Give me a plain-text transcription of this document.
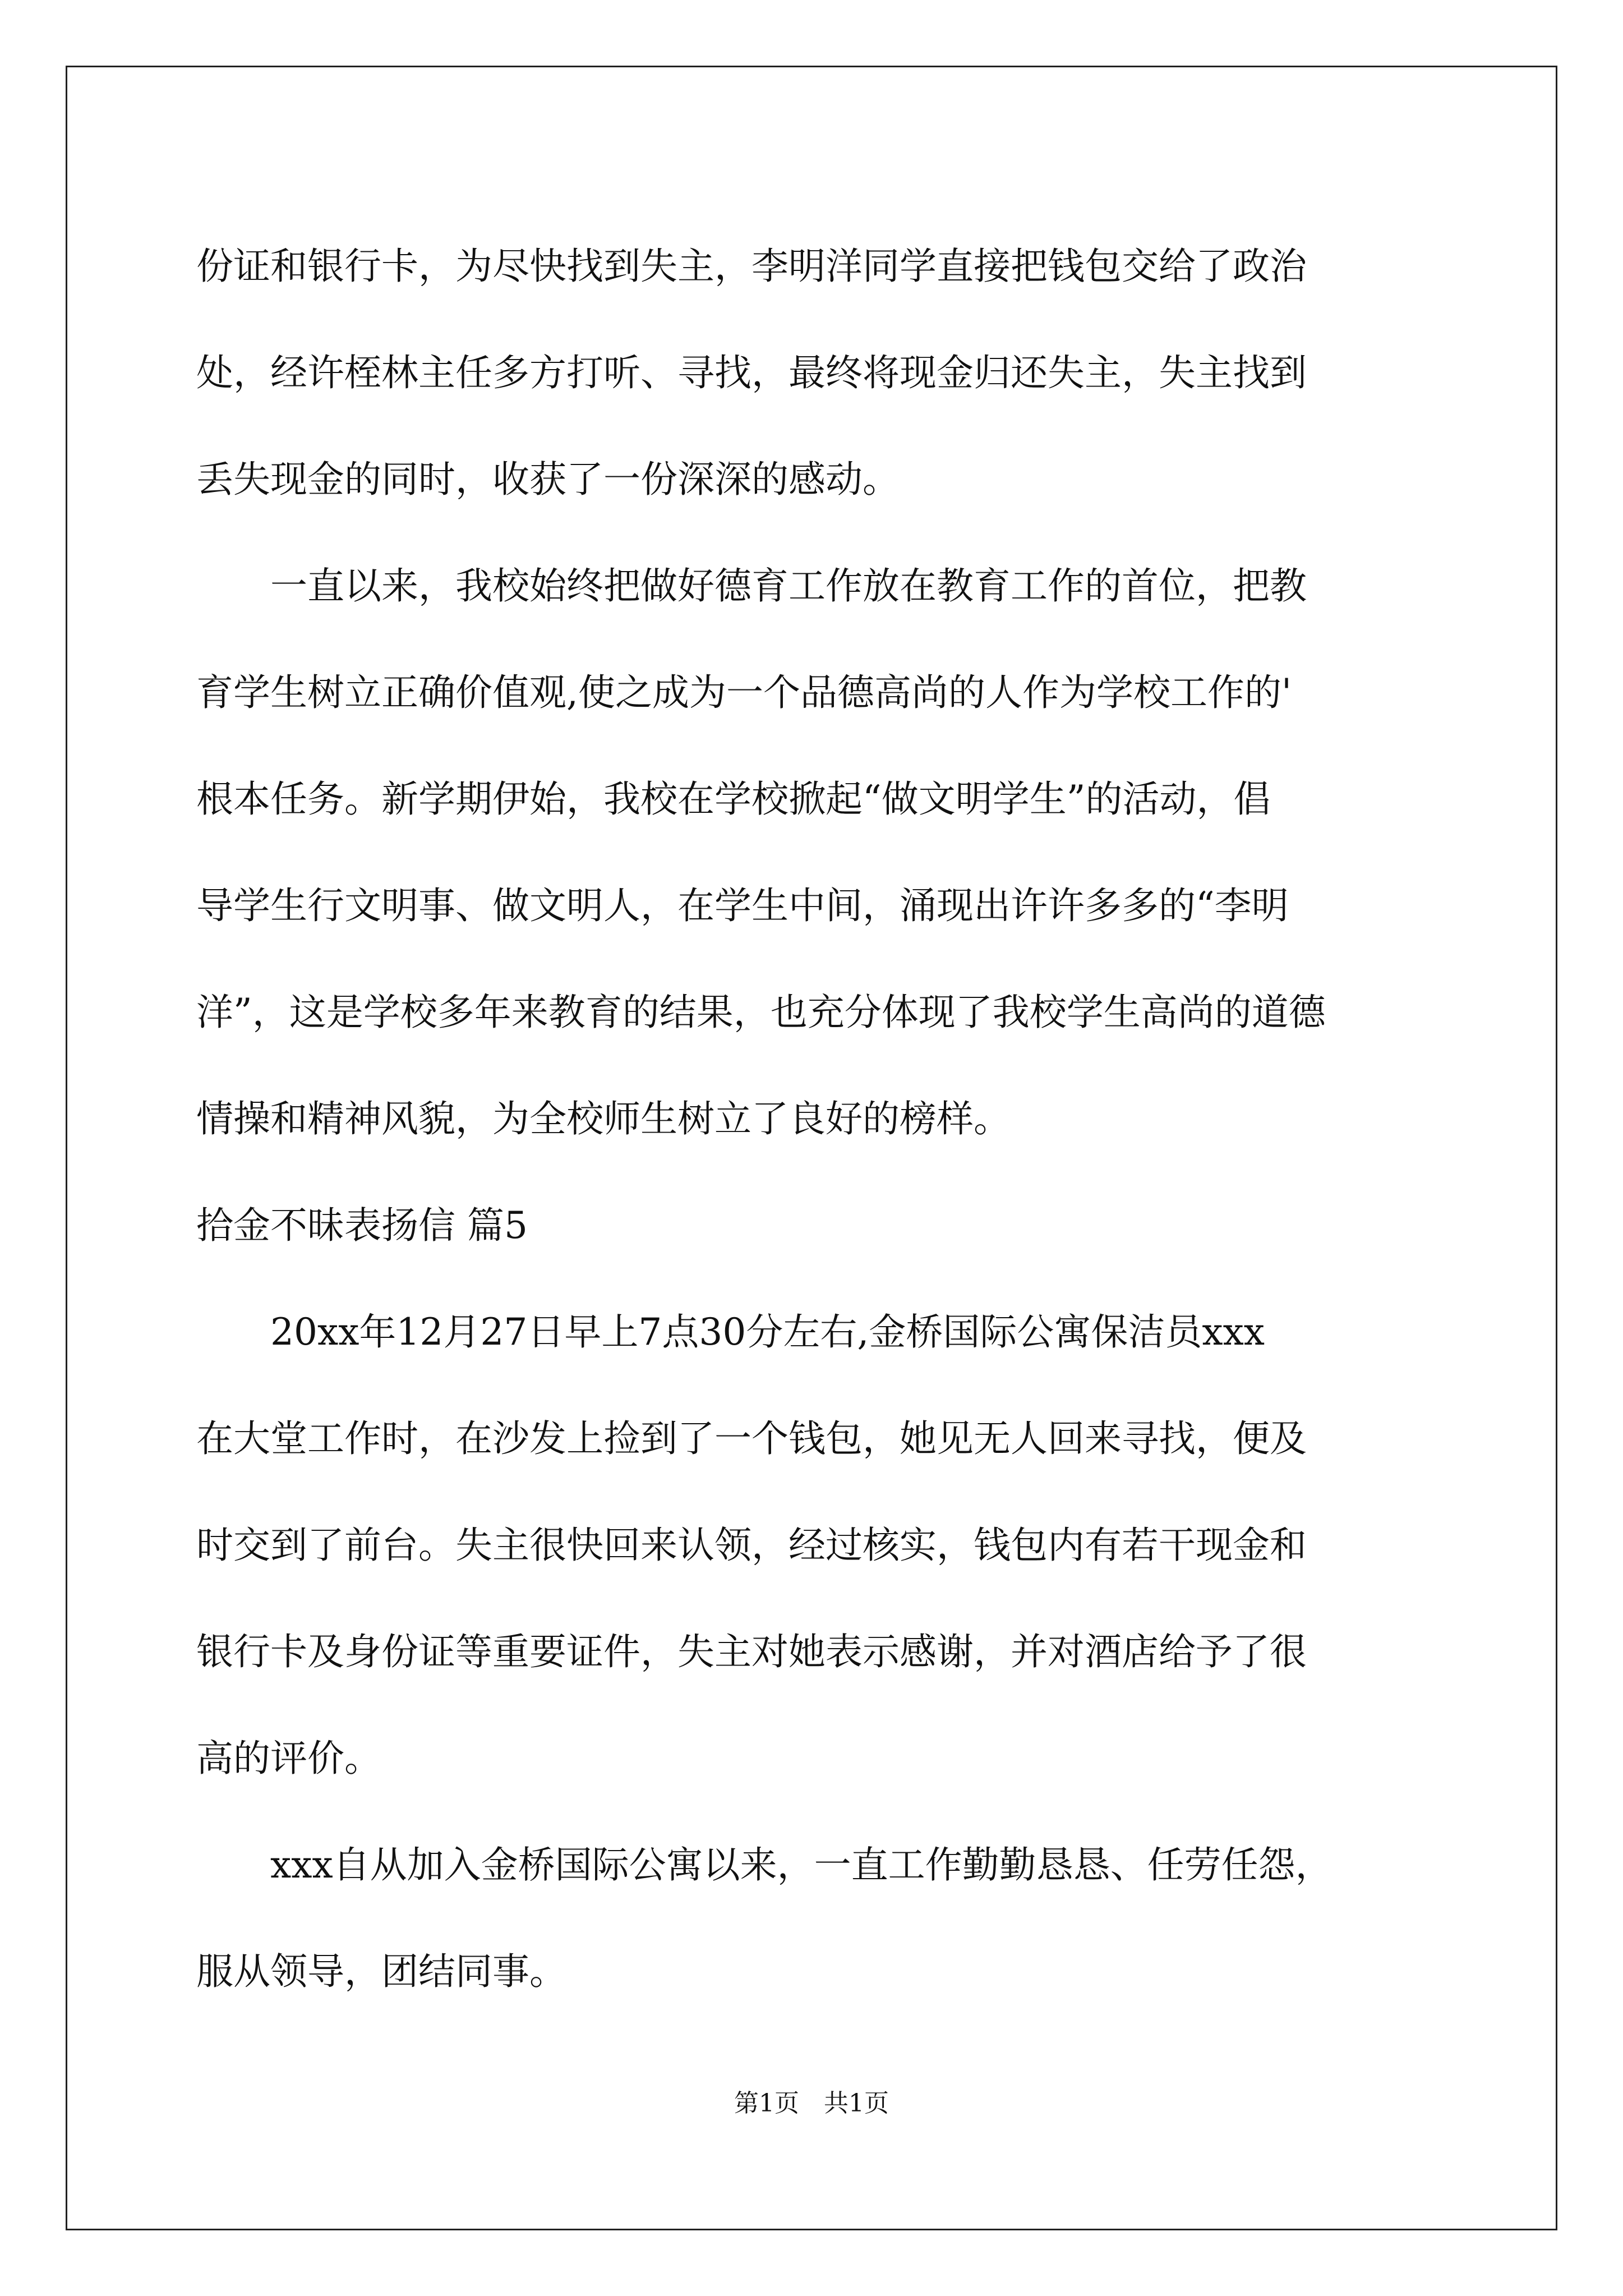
份证和银行卡，为尽快找到失主，李明洋同学直接把钱包交给了政治
处，经许桎林主任多方打听、寻找，最终将现金归还失主，失主找到
丢失现金的同时，收获了一份深深的感动。
一直以来，我校始终把做好德育工作放在教育工作的首位，把教
育学生树立正确价值观,使之成为一个品德高尚的人作为学校工作的'
根本任务。新学期伊始，我校在学校掀起“做文明学生”的活动，倡
导学生行文明事、做文明人，在学生中间，涌现出许许多多的“李明
洋”，这是学校多年来教育的结果，也充分体现了我校学生高尚的道德
情操和精神风貌，为全校师生树立了良好的榜样。
拾金不昧表扬信 篇5
20xx年12月27日早上7点30分左右,金桥国际公寓保洁员xxx
在大堂工作时，在沙发上捡到了一个钱包，她见无人回来寻找，便及
时交到了前台。失主很快回来认领，经过核实，钱包内有若干现金和
银行卡及身份证等重要证件，失主对她表示感谢，并对酒店给予了很
高的评价。
xxx自从加入金桥国际公寓以来，一直工作勤勤恳恳、任劳任怨，
服从领导，团结同事。
第1页　共1页
